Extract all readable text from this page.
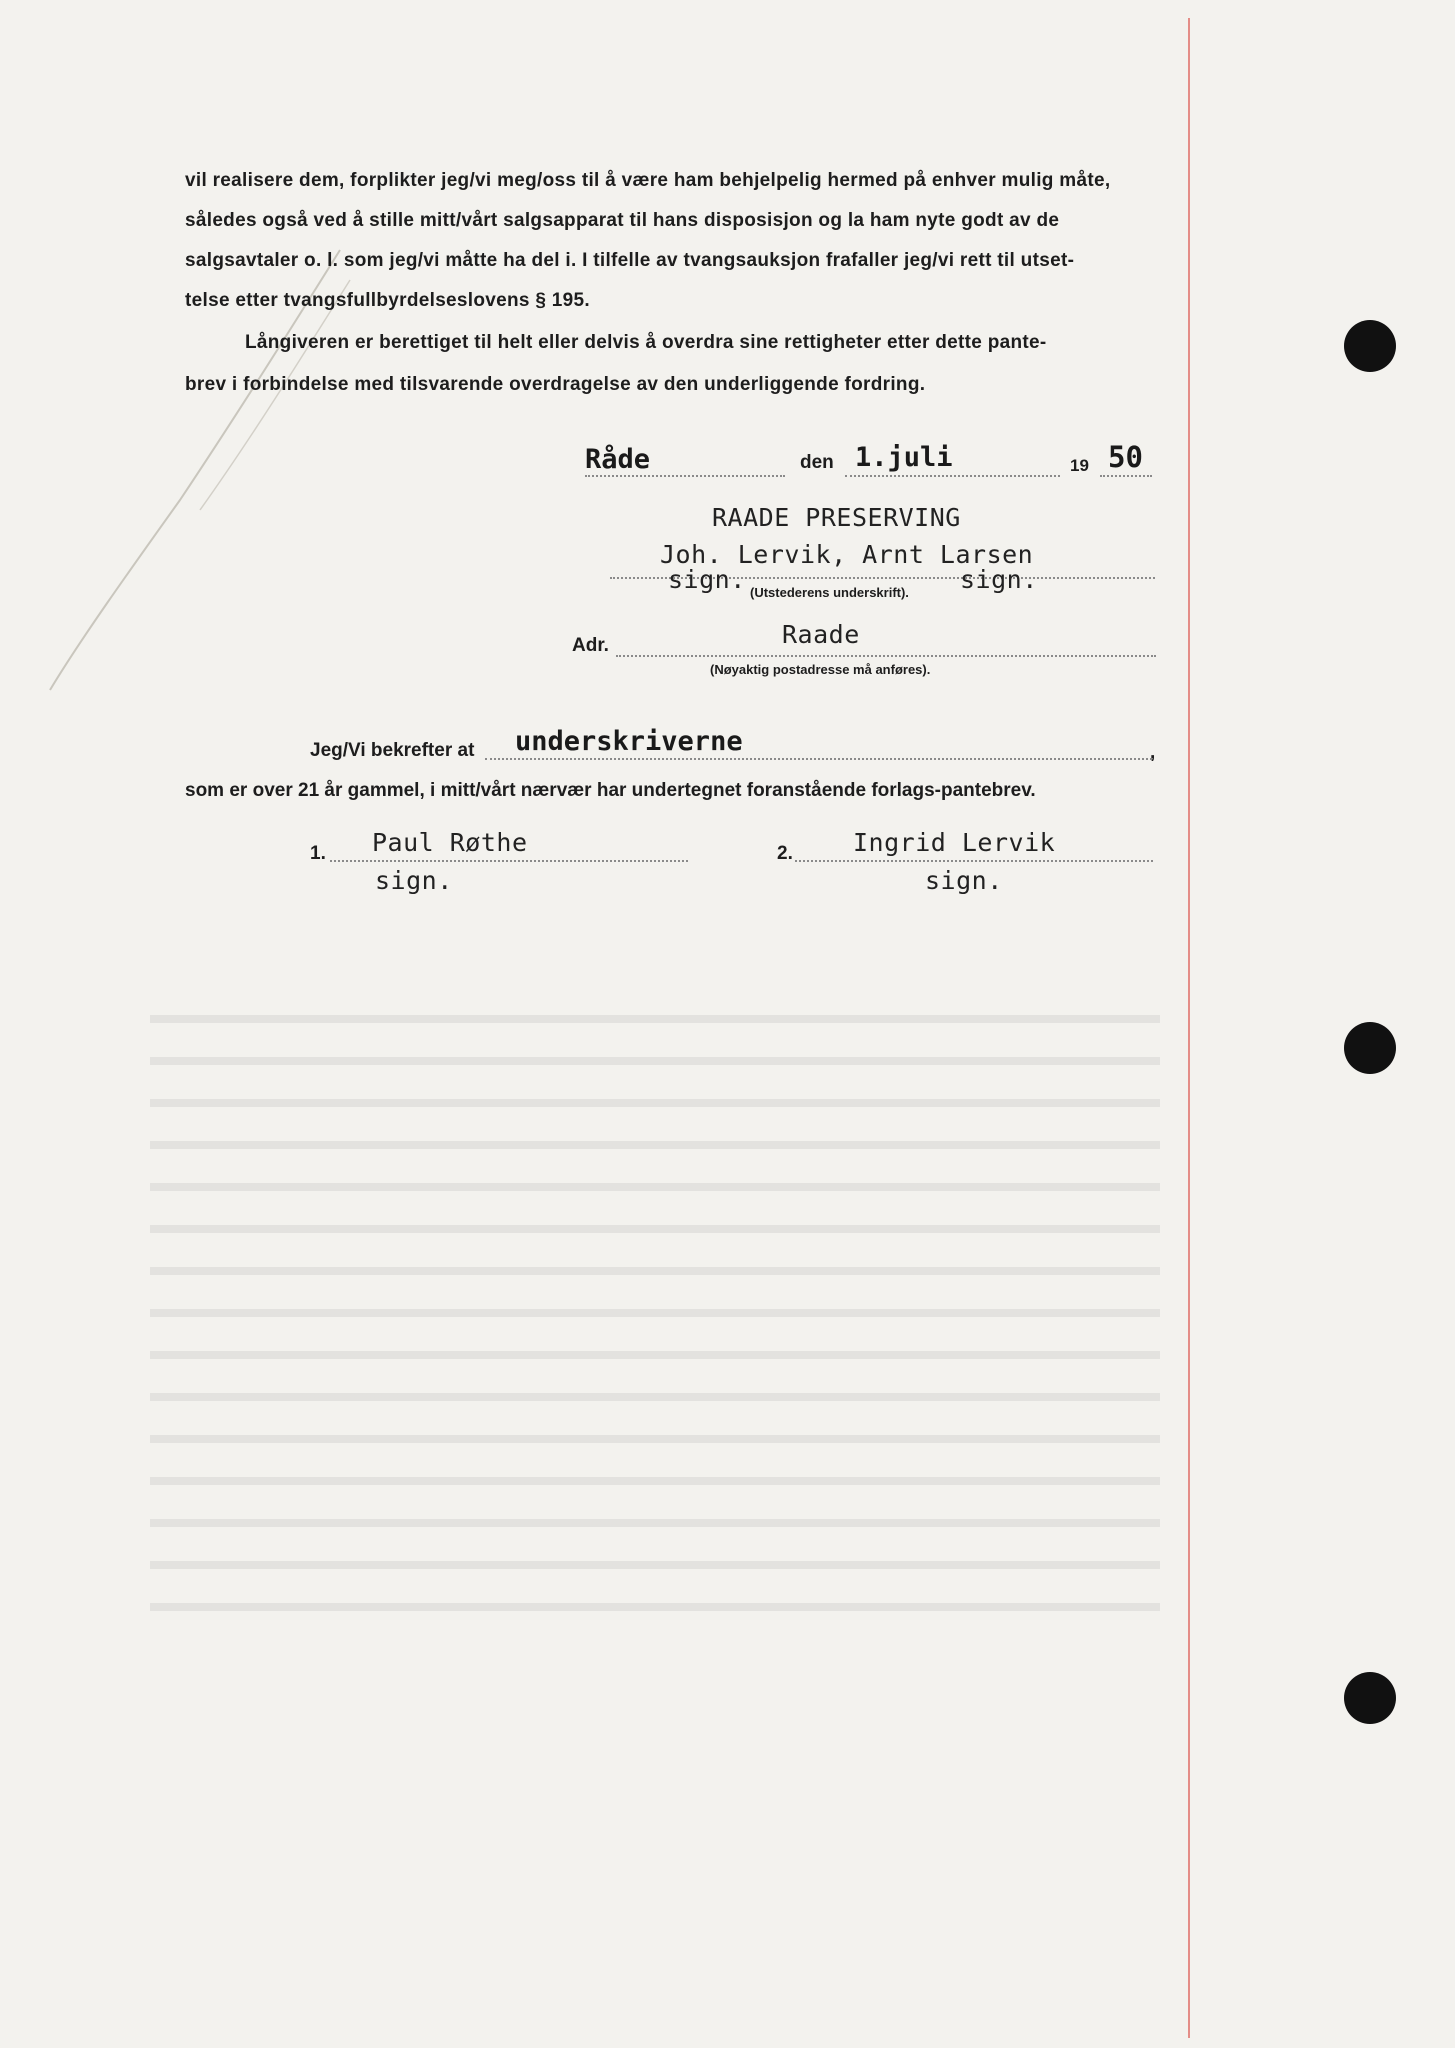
vil realisere dem, forplikter jeg/vi meg/oss til å være ham behjelpelig hermed på enhver mulig måte,
således også ved å stille mitt/vårt salgsapparat til hans disposisjon og la ham nyte godt av de
salgsavtaler o. l. som jeg/vi måtte ha del i. I tilfelle av tvangsauksjon frafaller jeg/vi rett til utset-
telse etter tvangsfullbyrdelseslovens § 195.
Långiveren er berettiget til helt eller delvis å overdra sine rettigheter etter dette pante-
brev i forbindelse med tilsvarende overdragelse av den underliggende fordring.
Råde	den 1.juli	19 50
RAADE PRESERVING
Joh. Lervik, Arnt Larsen
sign.	sign.
(Utstederens underskrift).
Adr.	Raade
(Nøyaktig postadresse må anføres).
Jeg/Vi bekrefter at underskriverne	,
som er over 21 år gammel, i mitt/vårt nærvær har undertegnet foranstående forlags-pantebrev.
1. Paul Røthe
sign.
2. Ingrid Lervik
sign.
